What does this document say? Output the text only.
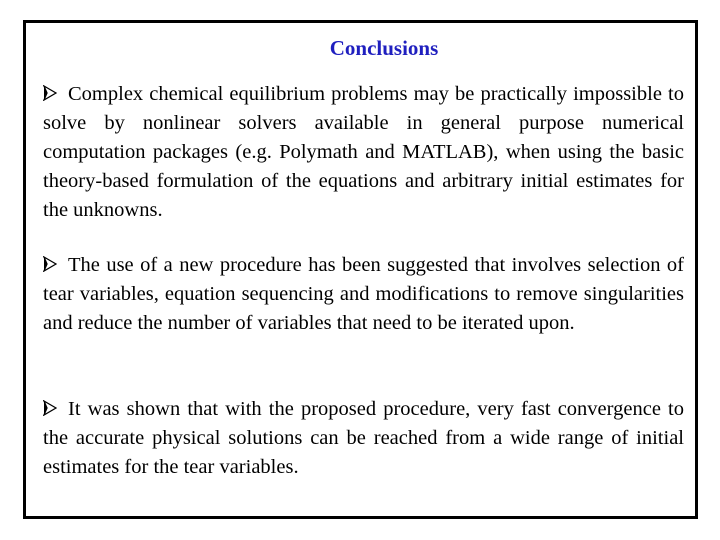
Conclusions
Complex chemical equilibrium problems may be practically impossible to solve by nonlinear solvers available in general purpose numerical computation packages (e.g. Polymath and MATLAB), when using the basic theory-based formulation of the equations and arbitrary initial estimates for the unknowns.
The use of a new procedure has been suggested that involves selection of tear variables, equation sequencing and modifications to remove singularities and reduce the number of variables that need to be iterated upon.
It was shown that with the proposed procedure, very fast convergence to the accurate physical solutions can be reached from a wide range of initial estimates for the tear variables.
